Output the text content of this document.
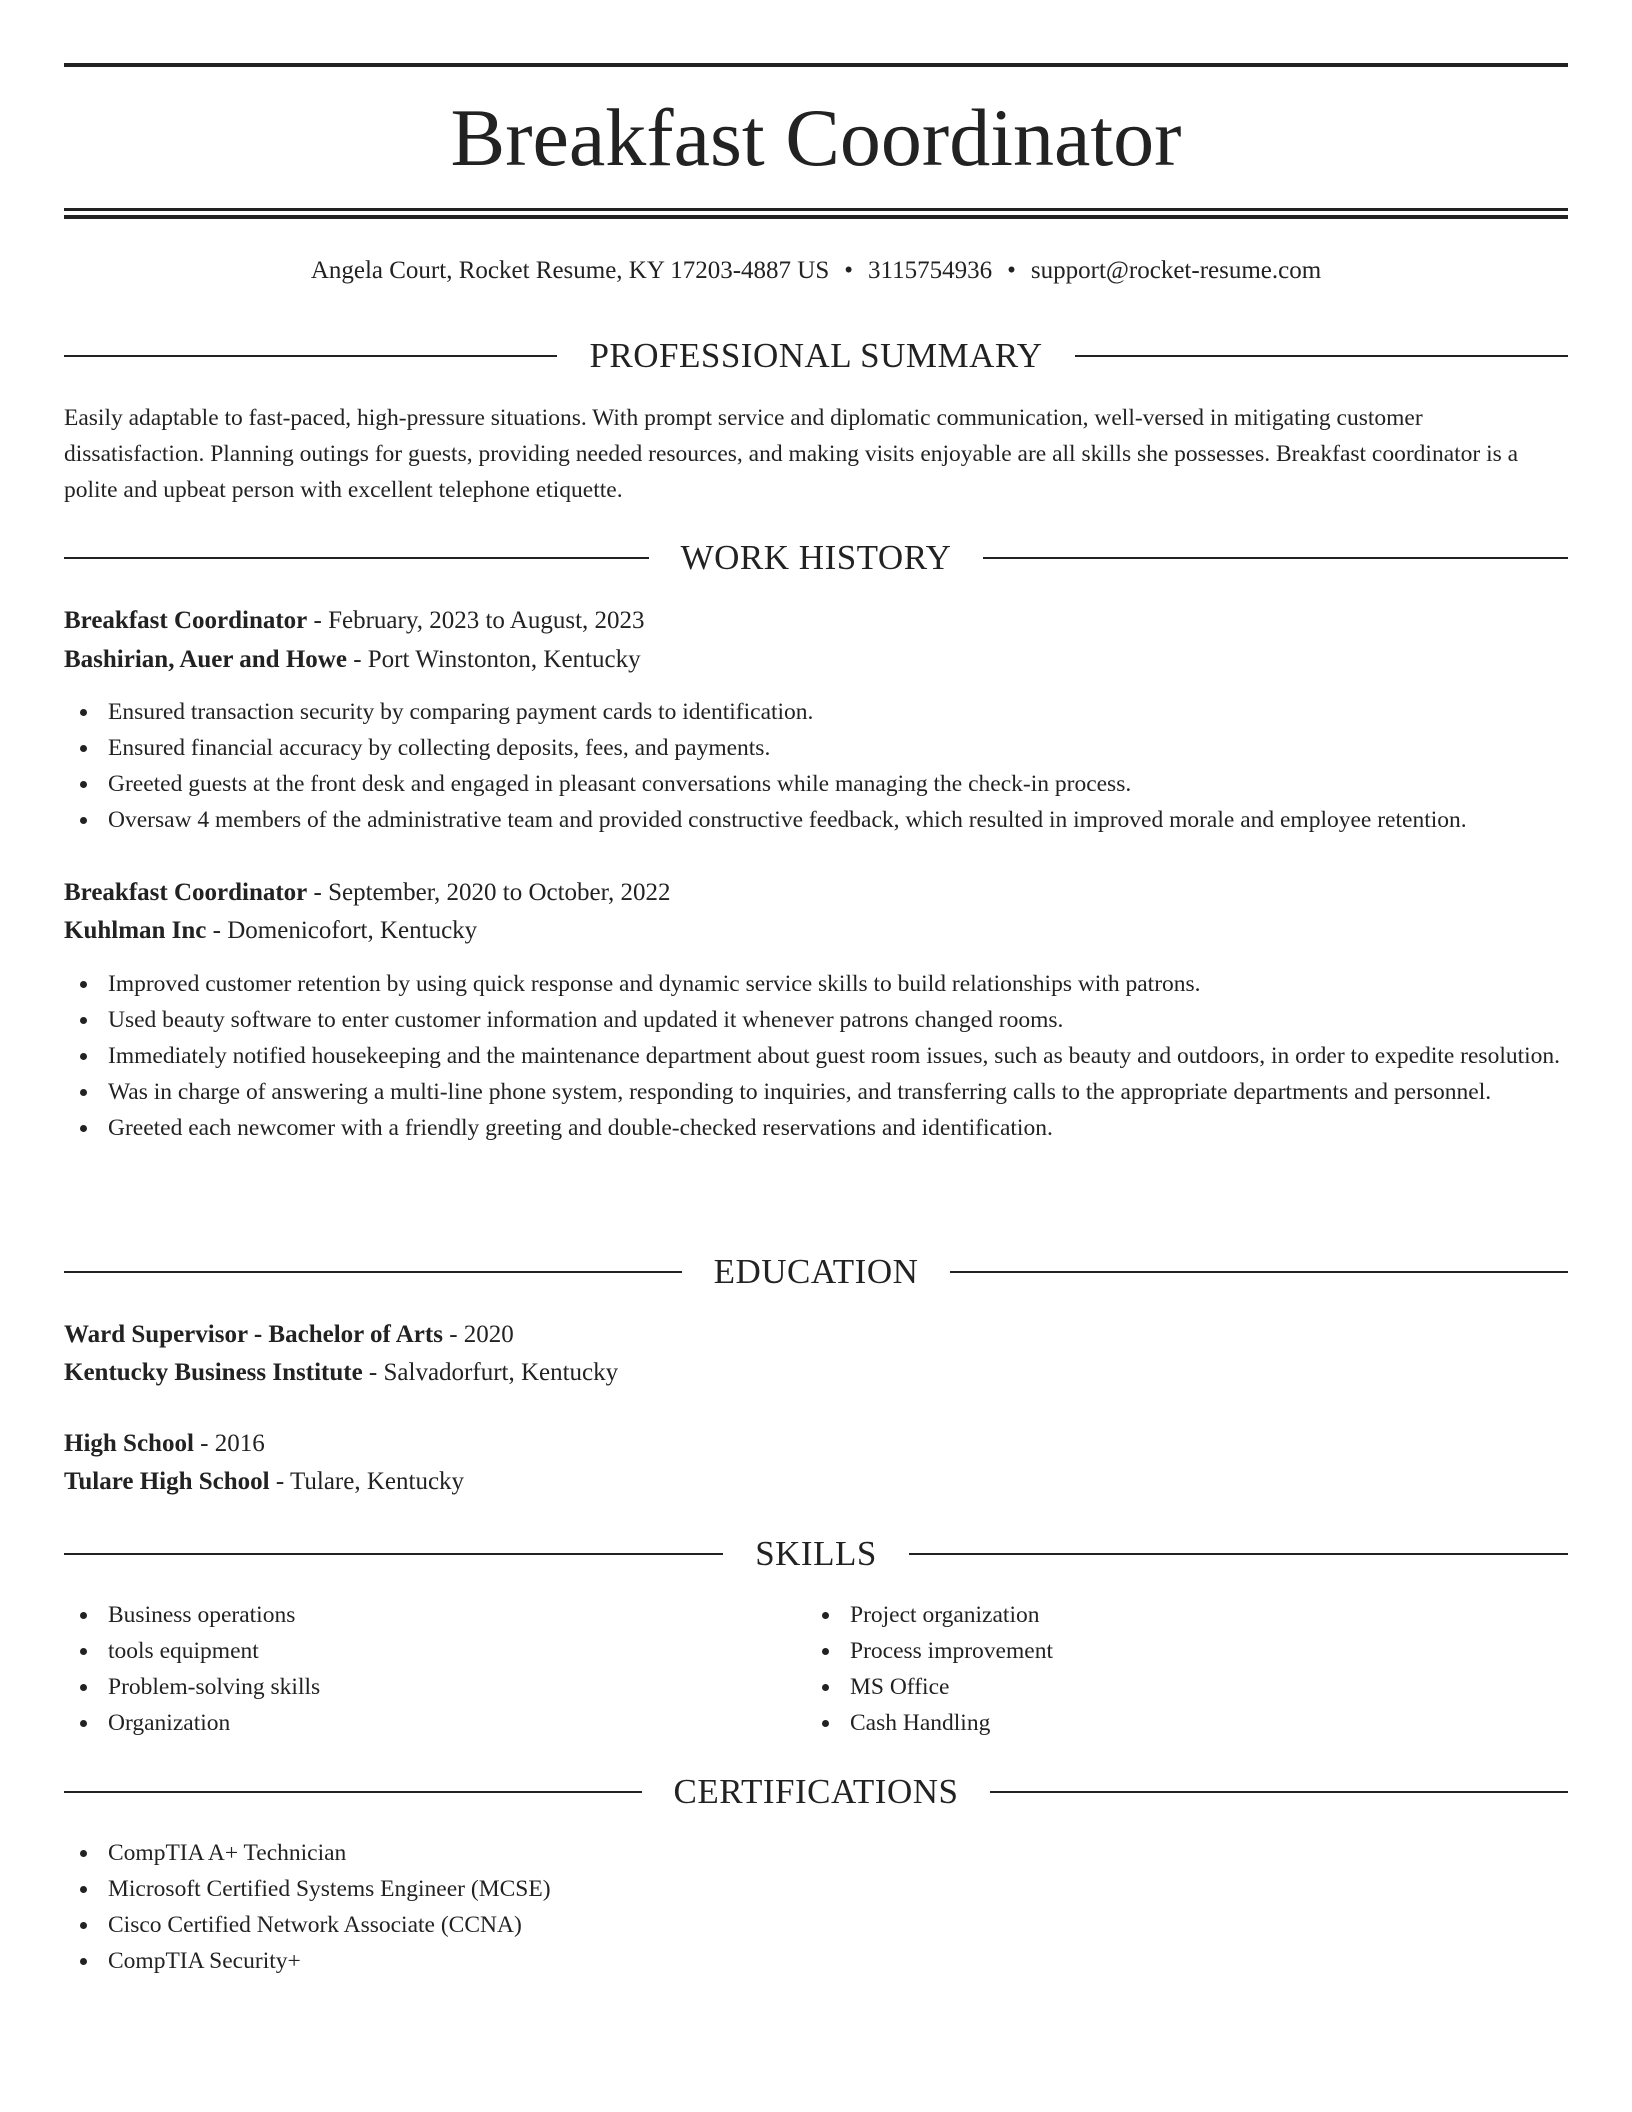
Breakfast Coordinator
Angela Court, Rocket Resume, KY 17203-4887 US • 3115754936 • support@rocket-resume.com
PROFESSIONAL SUMMARY

Easily adaptable to fast-paced, high-pressure situations. With prompt service and diplomatic communication, well-versed in mitigating customer dissatisfaction. Planning outings for guests, providing needed resources, and making visits enjoyable are all skills she possesses. Breakfast coordinator is a polite and upbeat person with excellent telephone etiquette.

WORK HISTORY
Breakfast Coordinator - February, 2023 to August, 2023
Bashirian, Auer and Howe - Port Winstonton, Kentucky
Ensured transaction security by comparing payment cards to identification.
Ensured financial accuracy by collecting deposits, fees, and payments.
Greeted guests at the front desk and engaged in pleasant conversations while managing the check-in process.
Oversaw 4 members of the administrative team and provided constructive feedback, which resulted in improved morale and employee retention.
Breakfast Coordinator - September, 2020 to October, 2022
Kuhlman Inc - Domenicofort, Kentucky
Improved customer retention by using quick response and dynamic service skills to build relationships with patrons.
Used beauty software to enter customer information and updated it whenever patrons changed rooms.
Immediately notified housekeeping and the maintenance department about guest room issues, such as beauty and outdoors, in order to expedite resolution.
Was in charge of answering a multi-line phone system, responding to inquiries, and transferring calls to the appropriate departments and personnel.
Greeted each newcomer with a friendly greeting and double-checked reservations and identification.
EDUCATION
Ward Supervisor - Bachelor of Arts - 2020
Kentucky Business Institute - Salvadorfurt, Kentucky
High School - 2016
Tulare High School - Tulare, Kentucky
SKILLS
Business operations
tools equipment
Problem-solving skills
Organization
Project organization
Process improvement
MS Office
Cash Handling
CERTIFICATIONS
CompTIA A+ Technician
Microsoft Certified Systems Engineer (MCSE)
Cisco Certified Network Associate (CCNA)
CompTIA Security+
